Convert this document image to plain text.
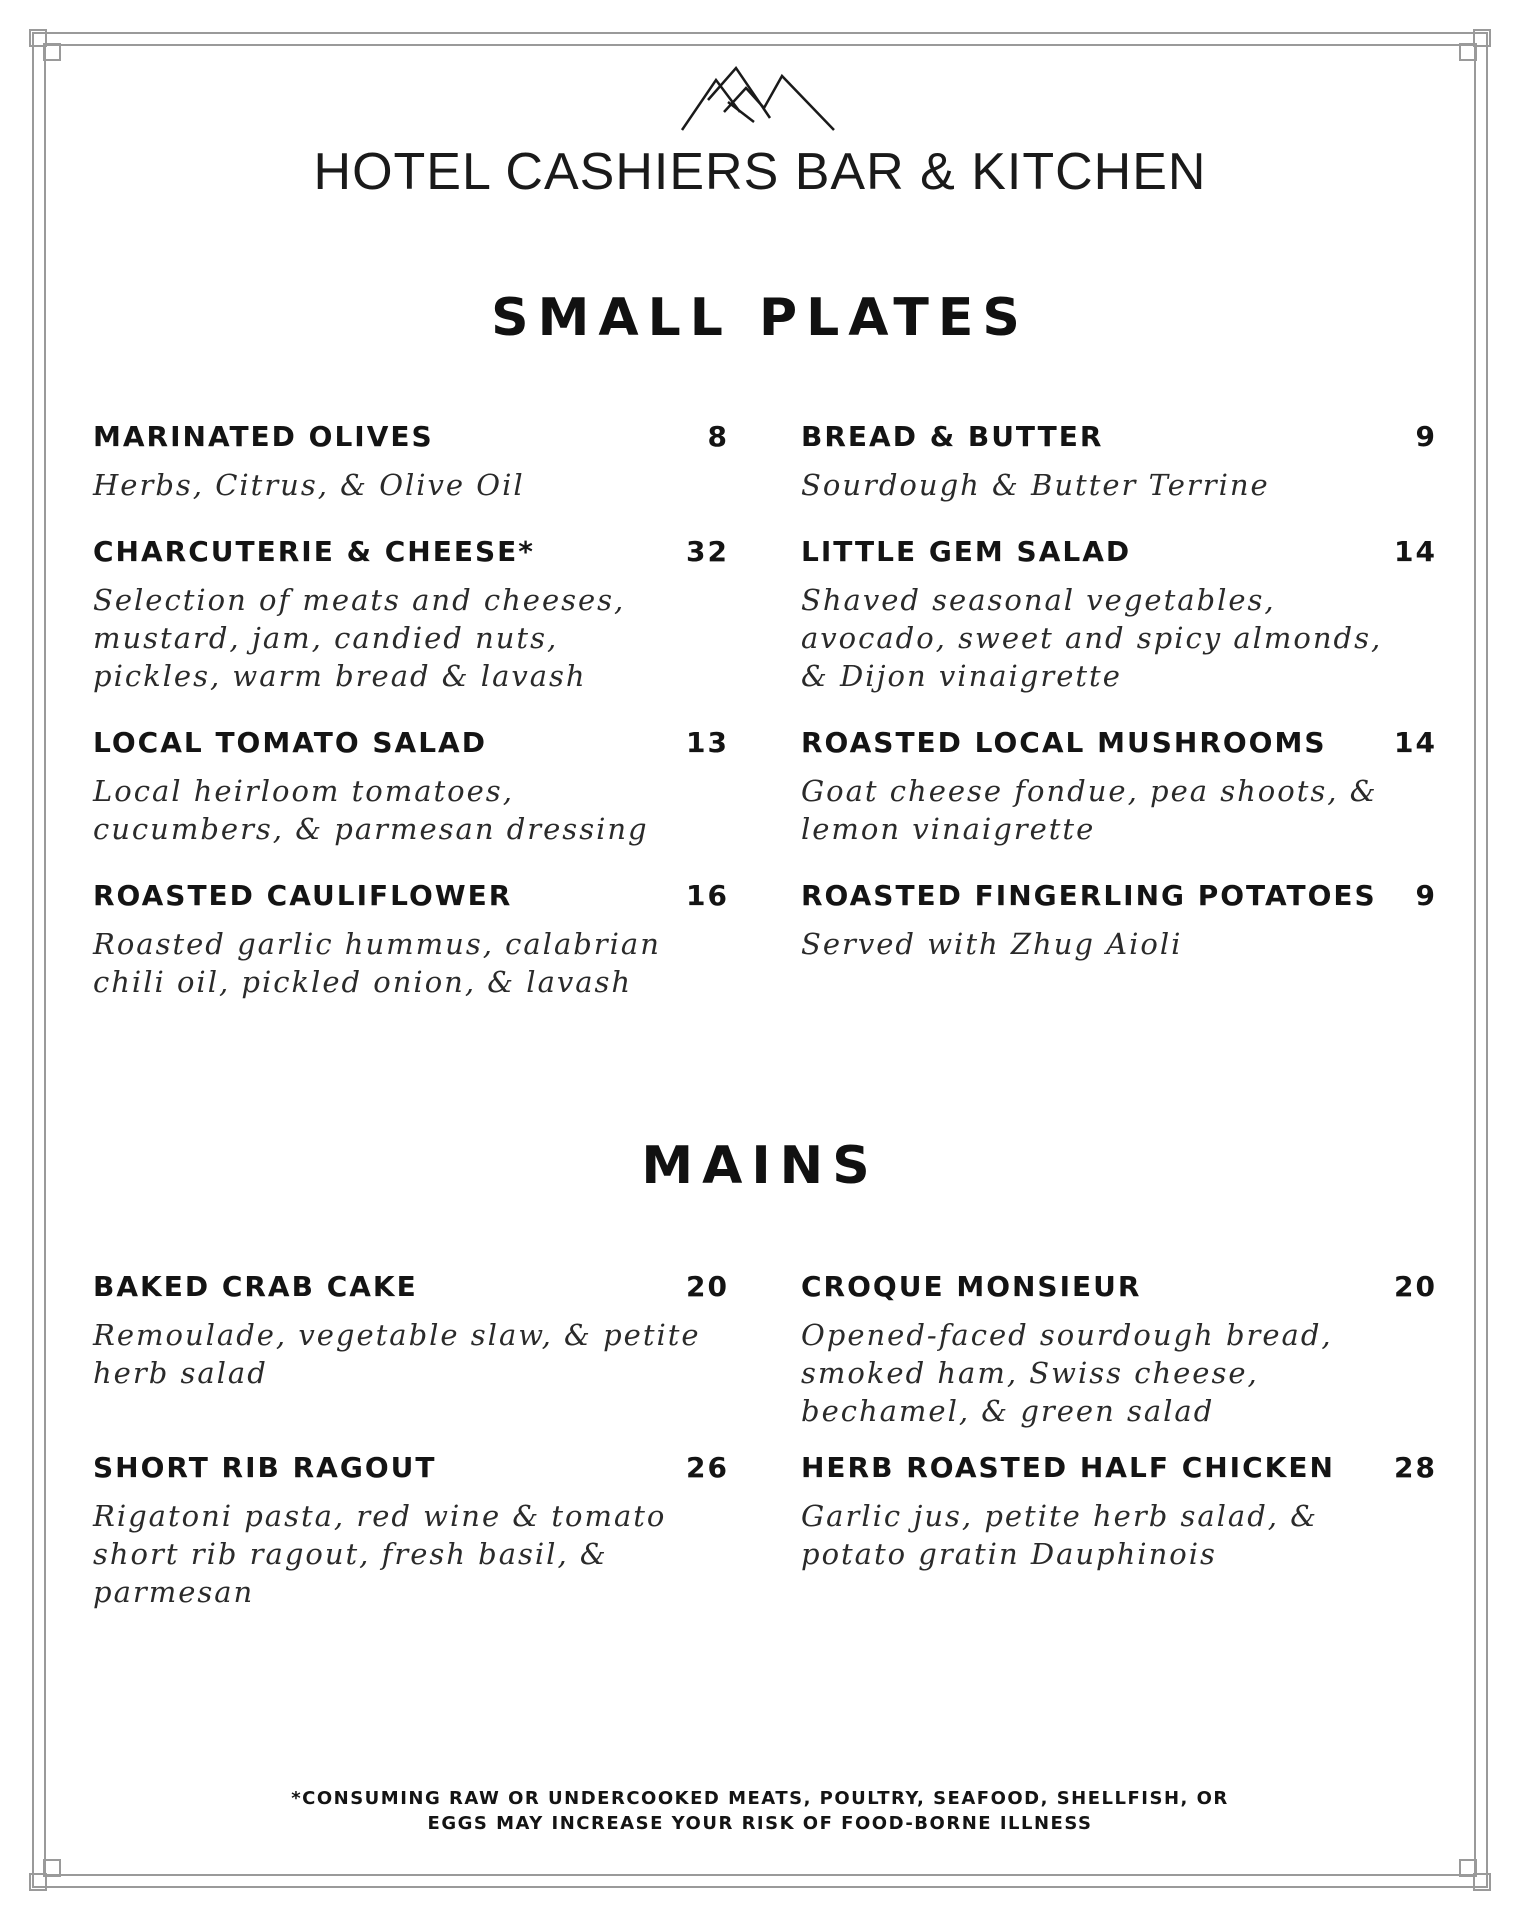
HOTEL CASHIERS BAR & KITCHEN
SMALL PLATES
MARINATED OLIVES	8
Herbs, Citrus, & Olive Oil
BREAD & BUTTER	9
Sourdough & Butter Terrine
CHARCUTERIE & CHEESE*	32
Selection of meats and cheeses,
mustard, jam, candied nuts,
pickles, warm bread & lavash
LITTLE GEM SALAD	14
Shaved seasonal vegetables,
avocado, sweet and spicy almonds,
& Dijon vinaigrette
LOCAL TOMATO SALAD	13
Local heirloom tomatoes,
cucumbers, & parmesan dressing
ROASTED LOCAL MUSHROOMS 14
Goat cheese fondue, pea shoots, &
lemon vinaigrette
ROASTED CAULIFLOWER	16
Roasted garlic hummus, calabrian
chili oil, pickled onion, & lavash
ROASTED FINGERLING POTATOES 9
Served with Zhug Aioli
MAINS
BAKED CRAB CAKE	20
Remoulade, vegetable slaw, & petite
herb salad
CROQUE MONSIEUR	20
Opened-faced sourdough bread,
smoked ham, Swiss cheese,
bechamel, & green salad
SHORT RIB RAGOUT	26
Rigatoni pasta, red wine & tomato
short rib ragout, fresh basil, &
parmesan
HERB ROASTED HALF CHICKEN 28
Garlic jus, petite herb salad, &
potato gratin Dauphinois
*CONSUMING RAW OR UNDERCOOKED MEATS, POULTRY, SEAFOOD, SHELLFISH, OR
EGGS MAY INCREASE YOUR RISK OF FOOD-BORNE ILLNESS
